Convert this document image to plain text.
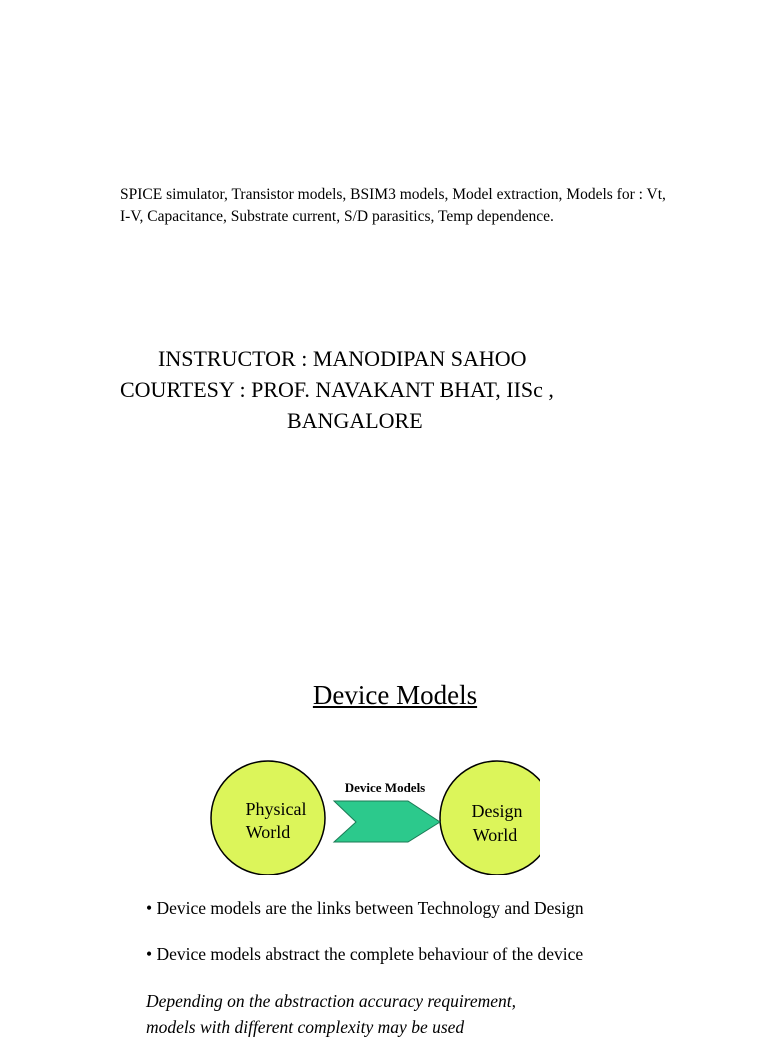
SPICE simulator, Transistor models, BSIM3 models, Model extraction, Models for : Vt, I-V, Capacitance, Substrate current, S/D parasitics, Temp dependence.

INSTRUCTOR : MANODIPAN SAHOO
COURTESY : PROF. NAVAKANT BHAT, IISc ,
BANGALORE
Device Models
Device Models
Physical
World
Design
World

• Device models are the links between Technology and Design

• Device models abstract the complete behaviour of the device

Depending on the abstraction accuracy requirement,
models with different complexity may be used
